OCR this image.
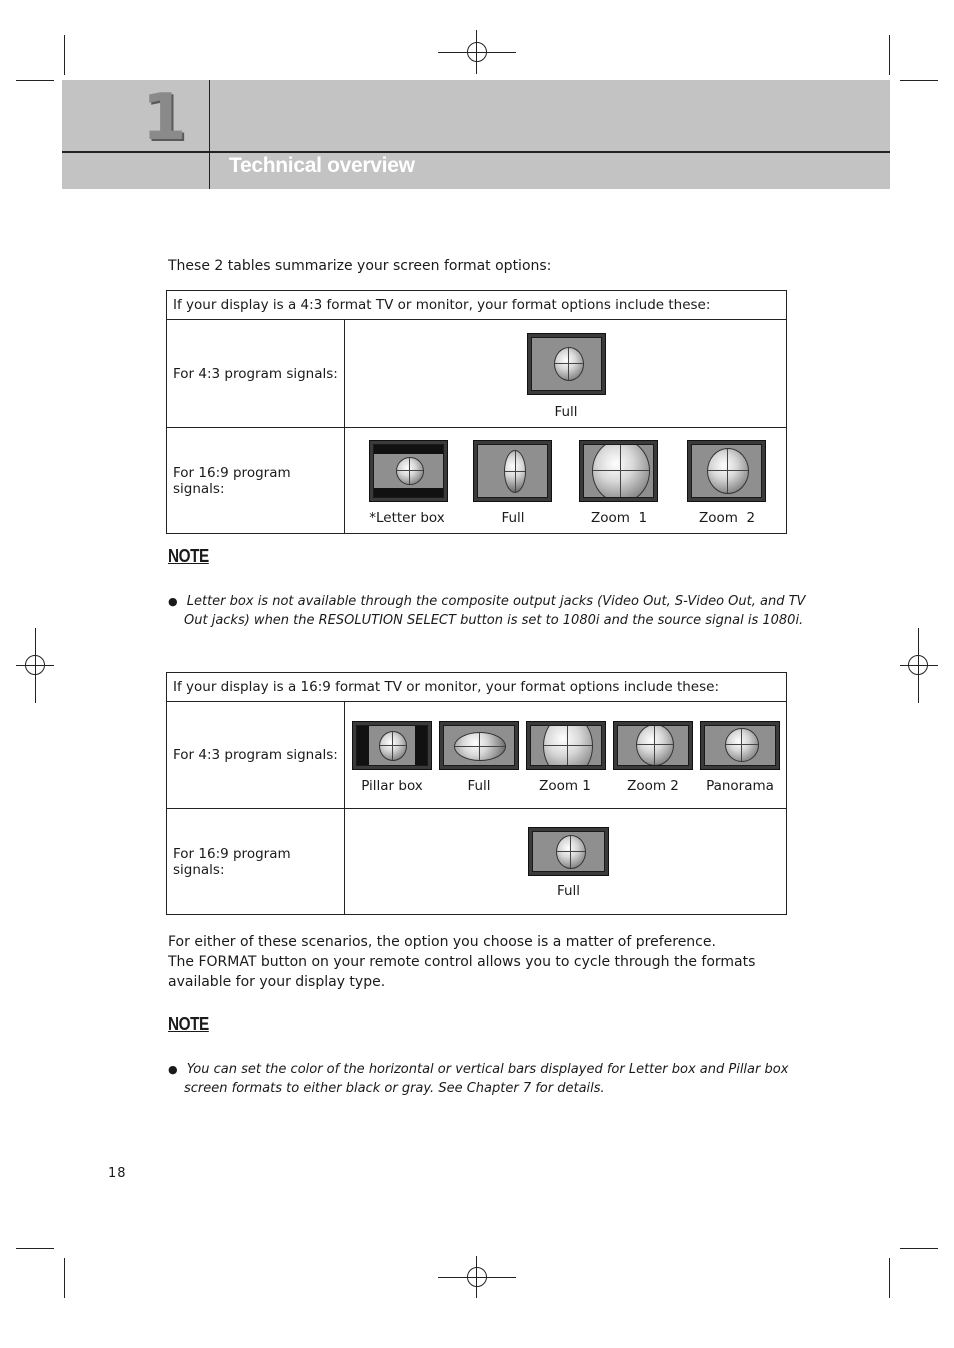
1
Technical overview
These 2 tables summarize your screen format options:
If your display is a 4:3 format TV or monitor, your format options include these:	
For 4:3 program signals:	Full

For 16:9 program signals:	*Letter box Full Zoom  1 Zoom  2
NOTE
● Letter box is not available through the composite output jacks (Video Out, S-Video Out, and TV
Out jacks) when the RESOLUTION SELECT button is set to 1080i and the source signal is 1080i.
If your display is a 16:9 format TV or monitor, your format options include these:	
For 4:3 program signals:	Pillar box Full Zoom 1 Zoom 2 Panorama

For 16:9 program signals:	Full
For either of these scenarios, the option you choose is a matter of preference.
The FORMAT button on your remote control allows you to cycle through the formats
available for your display type.
NOTE
● You can set the color of the horizontal or vertical bars displayed for Letter box and Pillar box
screen formats to either black or gray. See Chapter 7 for details.
18
